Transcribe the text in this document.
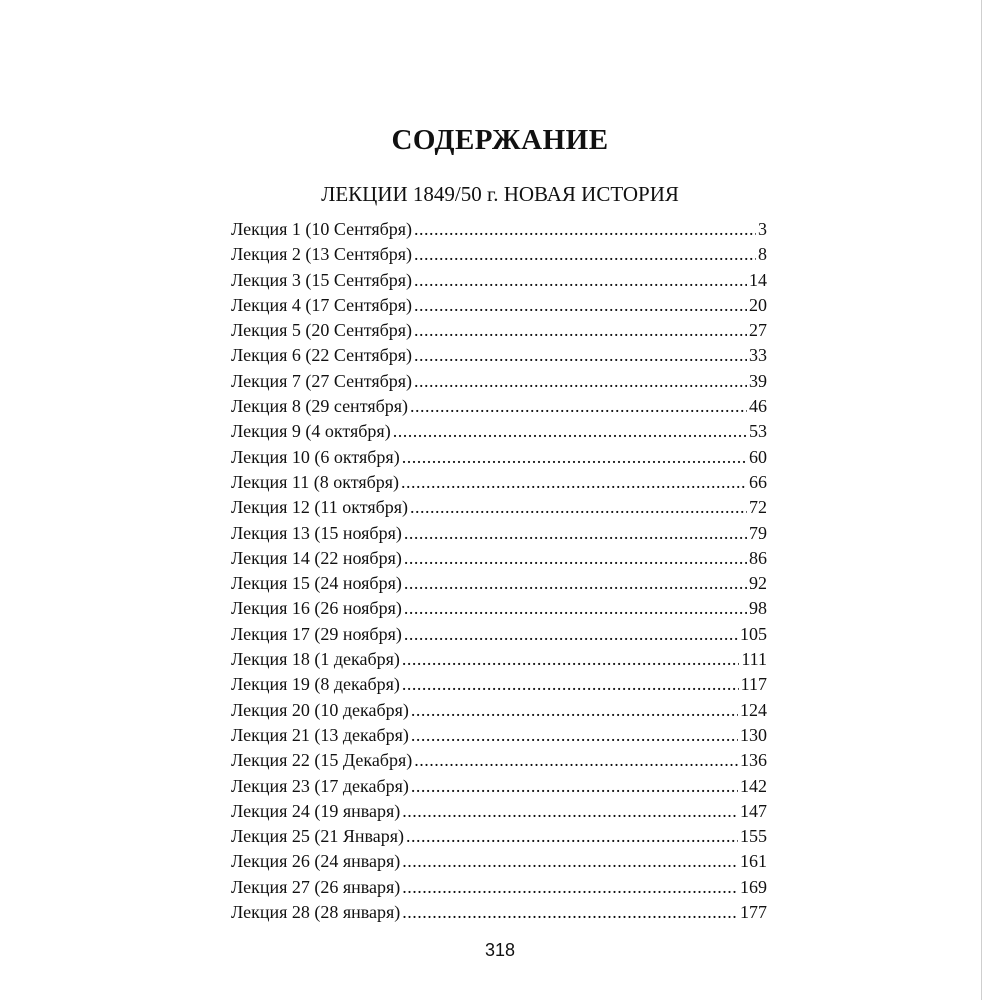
СОДЕРЖАНИЕ
ЛЕКЦИИ 1849/50 г. НОВАЯ ИСТОРИЯ
Лекция 1 (10 Сентября) .....	3
Лекция 2 (13 Сентября) .....	8
Лекция 3 (15 Сентября) .....	14
Лекция 4 (17 Сентября) .....	20
Лекция 5 (20 Сентября) .....	27
Лекция 6 (22 Сентября) .....	33
Лекция 7 (27 Сентября) .....	39
Лекция 8 (29 сентября) .....	46
Лекция 9 (4 октября) .....	53
Лекция 10 (6 октября) .....	60
Лекция 11 (8 октября) .....	66
Лекция 12 (11 октября) .....	72
Лекция 13 (15 ноября) .....	79
Лекция 14 (22 ноября) .....	86
Лекция 15 (24 ноября) .....	92
Лекция 16 (26 ноября) .....	98
Лекция 17 (29 ноября) .....	105
Лекция 18 (1 декабря) .....	111
Лекция 19 (8 декабря) .....	117
Лекция 20 (10 декабря) .....	124
Лекция 21 (13 декабря) .....	130
Лекция 22 (15 Декабря) .....	136
Лекция 23 (17 декабря) .....	142
Лекция 24 (19 января) .....	147
Лекция 25 (21 Января) .....	155
Лекция 26 (24 января) .....	161
Лекция 27 (26 января) .....	169
Лекция 28 (28 января) .....	177
318
